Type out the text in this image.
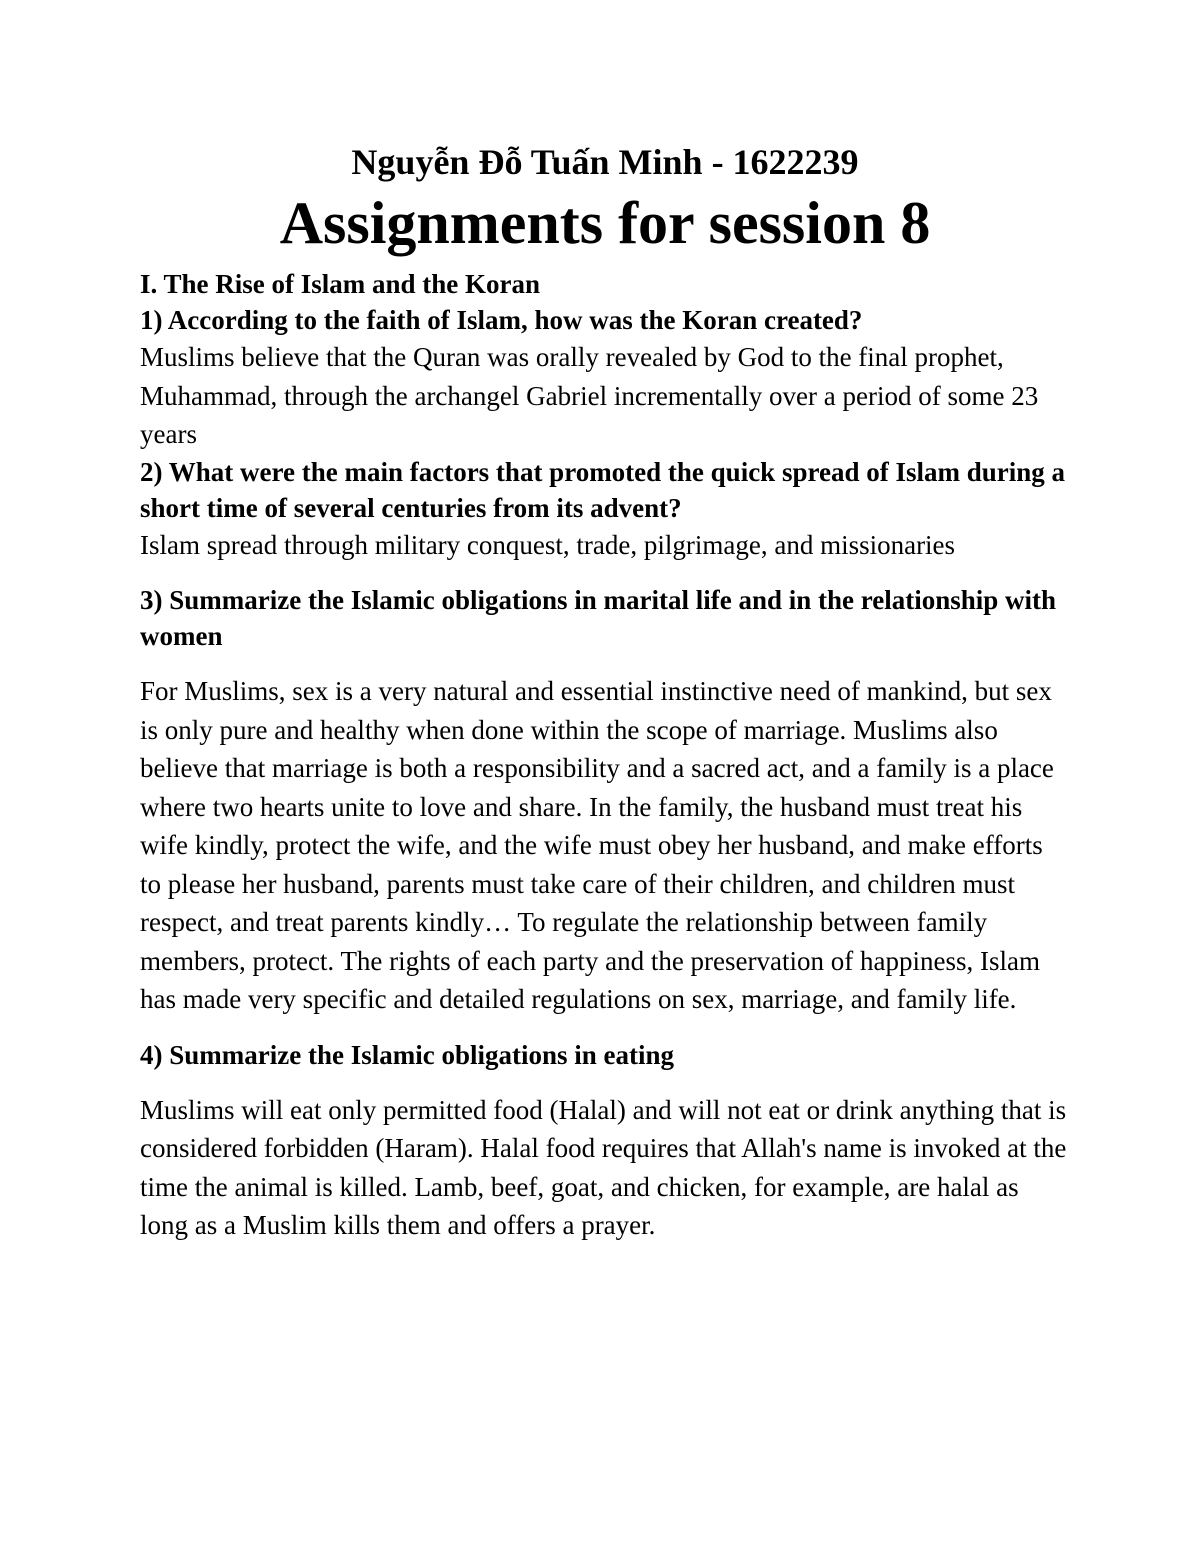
Nguyễn Đỗ Tuấn Minh - 1622239

Assignments for session 8

I. The Rise of Islam and the Koran

1) According to the faith of Islam, how was the Koran created?

Muslims believe that the Quran was orally revealed by God to the final prophet, Muhammad, through the archangel Gabriel incrementally over a period of some 23 years

2) What were the main factors that promoted the quick spread of Islam during a short time of several centuries from its advent?

Islam spread through military conquest, trade, pilgrimage, and missionaries

3) Summarize the Islamic obligations in marital life and in the relationship with women

For Muslims, sex is a very natural and essential instinctive need of mankind, but sex is only pure and healthy when done within the scope of marriage. Muslims also believe that marriage is both a responsibility and a sacred act, and a family is a place where two hearts unite to love and share. In the family, the husband must treat his wife kindly, protect the wife, and the wife must obey her husband, and make efforts to please her husband, parents must take care of their children, and children must respect, and treat parents kindly… To regulate the relationship between family members, protect. The rights of each party and the preservation of happiness, Islam has made very specific and detailed regulations on sex, marriage, and family life.

4) Summarize the Islamic obligations in eating

Muslims will eat only permitted food (Halal) and will not eat or drink anything that is considered forbidden (Haram). Halal food requires that Allah's name is invoked at the time the animal is killed. Lamb, beef, goat, and chicken, for example, are halal as long as a Muslim kills them and offers a prayer.
